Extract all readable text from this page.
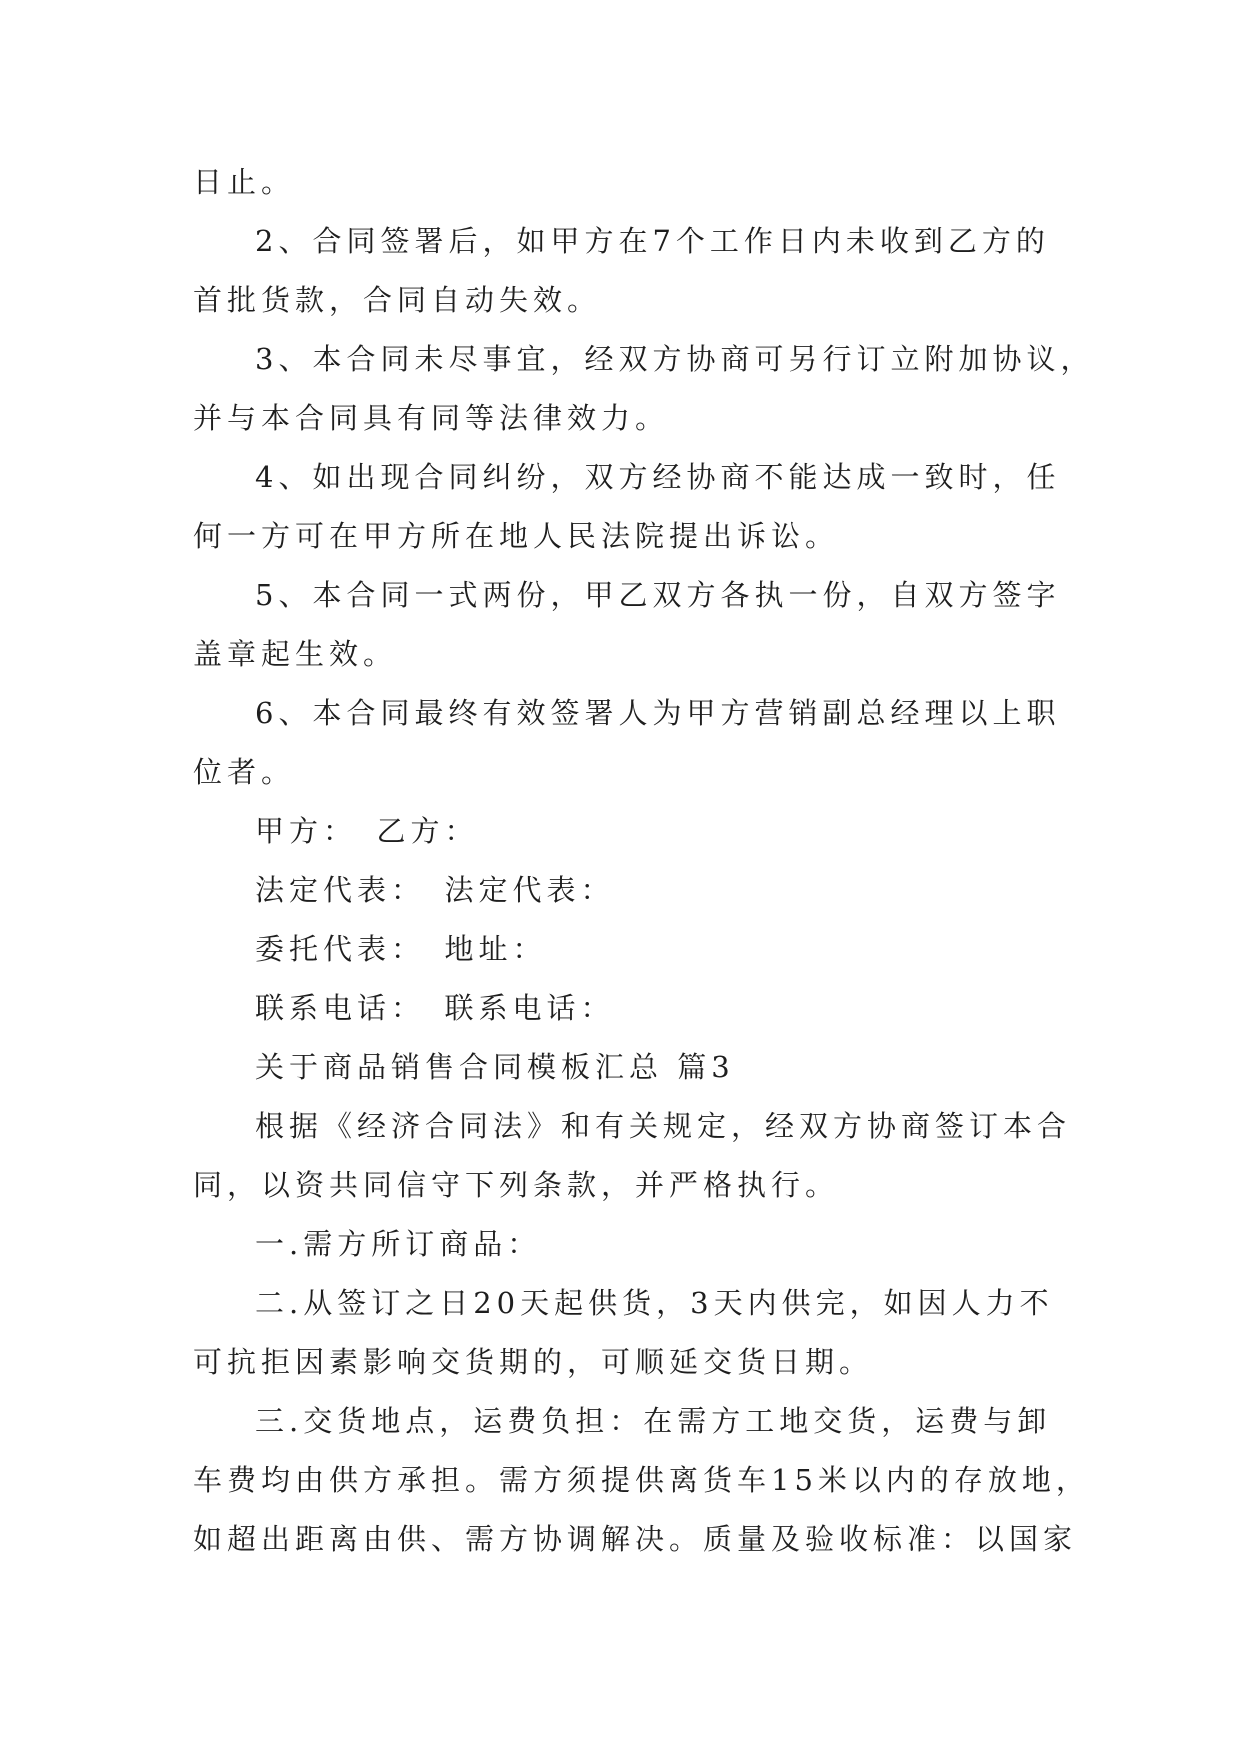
日止。
2、合同签署后，如甲方在7个工作日内未收到乙方的
首批货款，合同自动失效。
3、本合同未尽事宜，经双方协商可另行订立附加协议，
并与本合同具有同等法律效力。
4、如出现合同纠纷，双方经协商不能达成一致时，任
何一方可在甲方所在地人民法院提出诉讼。
5、本合同一式两份，甲乙双方各执一份，自双方签字
盖章起生效。
6、本合同最终有效签署人为甲方营销副总经理以上职
位者。
甲方：　乙方：
法定代表：　法定代表：
委托代表：　地址：
联系电话：　联系电话：
关于商品销售合同模板汇总 篇3
根据《经济合同法》和有关规定，经双方协商签订本合
同，以资共同信守下列条款，并严格执行。
一.需方所订商品：
二.从签订之日20天起供货，3天内供完，如因人力不
可抗拒因素影响交货期的，可顺延交货日期。
三.交货地点，运费负担：在需方工地交货，运费与卸
车费均由供方承担。需方须提供离货车15米以内的存放地，
如超出距离由供、需方协调解决。质量及验收标准：以国家
